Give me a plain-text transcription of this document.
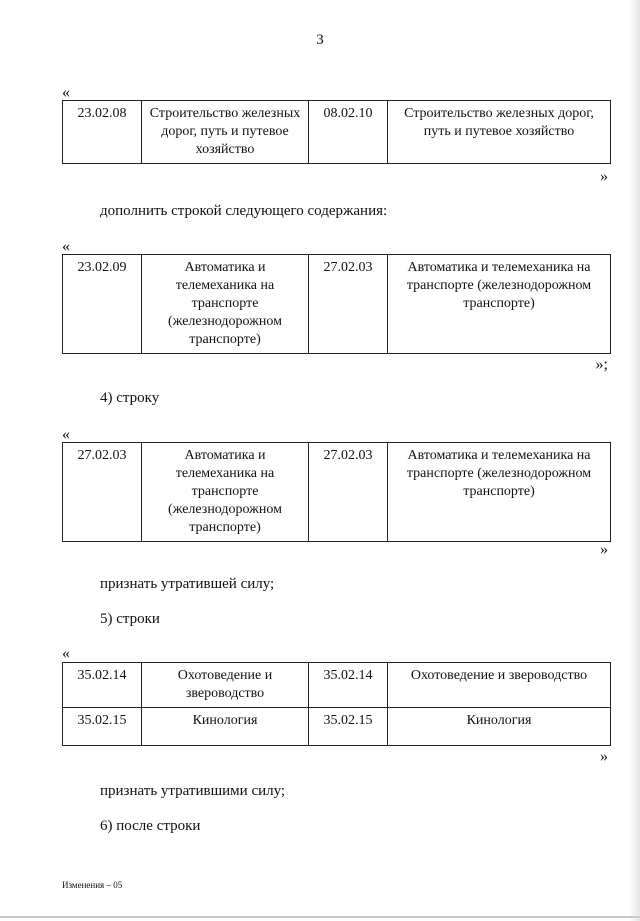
3
«
23.02.08	Строительство железных дорог, путь и путевое хозяйство	08.02.10	Строительство железных дорог, путь и путевое хозяйство
»
дополнить строкой следующего содержания:
«
23.02.09	Автоматика и телемеханика на транспорте (железнодорожном транспорте)	27.02.03	Автоматика и телемеханика на транспорте (железнодорожном транспорте)
»;
4) строку
«
27.02.03	Автоматика и телемеханика на транспорте (железнодорожном транспорте)	27.02.03	Автоматика и телемеханика на транспорте (железнодорожном транспорте)
»
признать утратившей силу;
5) строки
«
35.02.14	Охотоведение и звероводство	35.02.14	Охотоведение и звероводство
35.02.15	Кинология	35.02.15	Кинология
»
признать утратившими силу;
6) после строки
Изменения – 05
